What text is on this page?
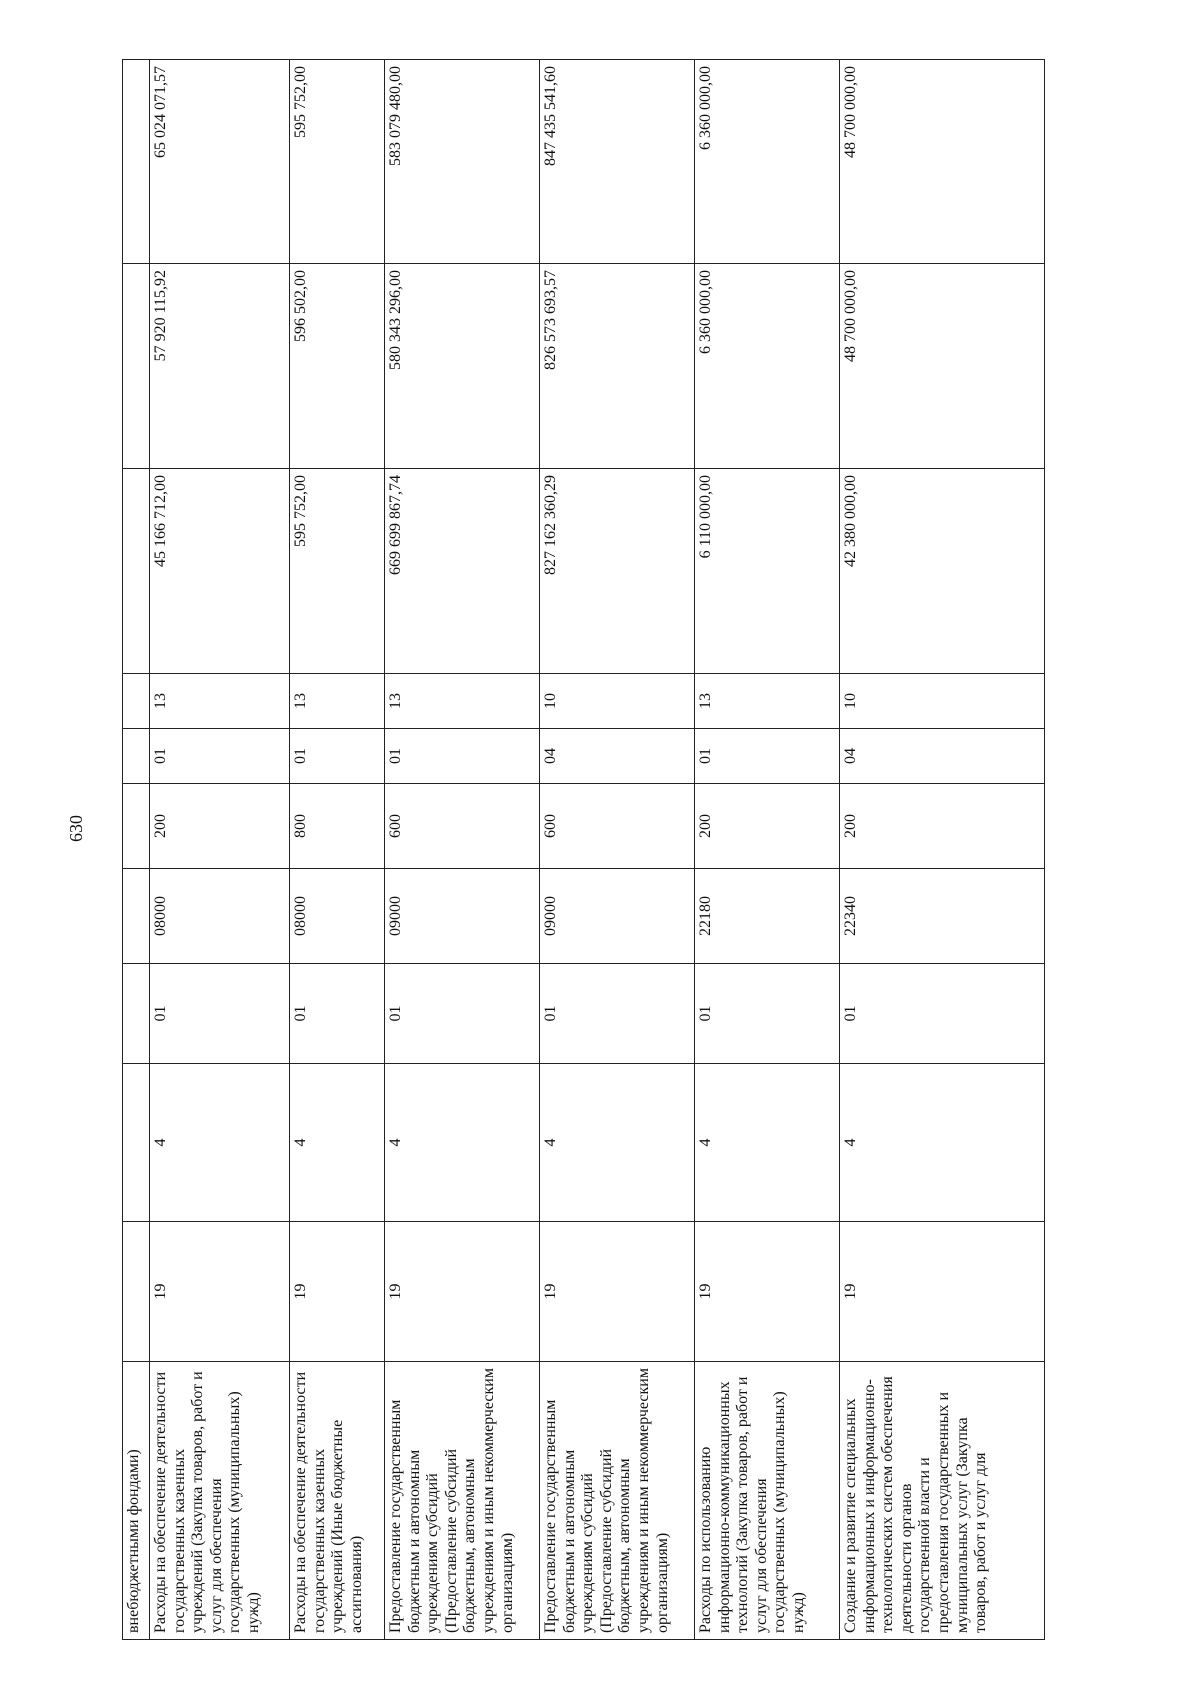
630
внебюджетными фондами)										
Расходы на обеспечение деятельности государственных казенных учреждений (Закупка товаров, работ и услуг для обеспечения государственных (муниципальных) нужд)	19	4	01	08000	200	01	13	45 166 712,00	57 920 115,92	65 024 071,57
Расходы на обеспечение деятельности государственных казенных учреждений (Иные бюджетные ассигнования)	19	4	01	08000	800	01	13	595 752,00	596 502,00	595 752,00
Предоставление государственным бюджетным и автономным учреждениям субсидий (Предоставление субсидий бюджетным, автономным учреждениям и иным некоммерческим организациям)	19	4	01	09000	600	01	13	669 699 867,74	580 343 296,00	583 079 480,00
Предоставление государственным бюджетным и автономным учреждениям субсидий (Предоставление субсидий бюджетным, автономным учреждениям и иным некоммерческим организациям)	19	4	01	09000	600	04	10	827 162 360,29	826 573 693,57	847 435 541,60
Расходы по использованию информационно-коммуникационных технологий (Закупка товаров, работ и услуг для обеспечения государственных (муниципальных) нужд)	19	4	01	22180	200	01	13	6 110 000,00	6 360 000,00	6 360 000,00
Создание и развитие специальных информационных и информационно-технологических систем обеспечения деятельности органов государственной власти и предоставления государственных и муниципальных услуг (Закупка товаров, работ и услуг для	19	4	01	22340	200	04	10	42 380 000,00	48 700 000,00	48 700 000,00
